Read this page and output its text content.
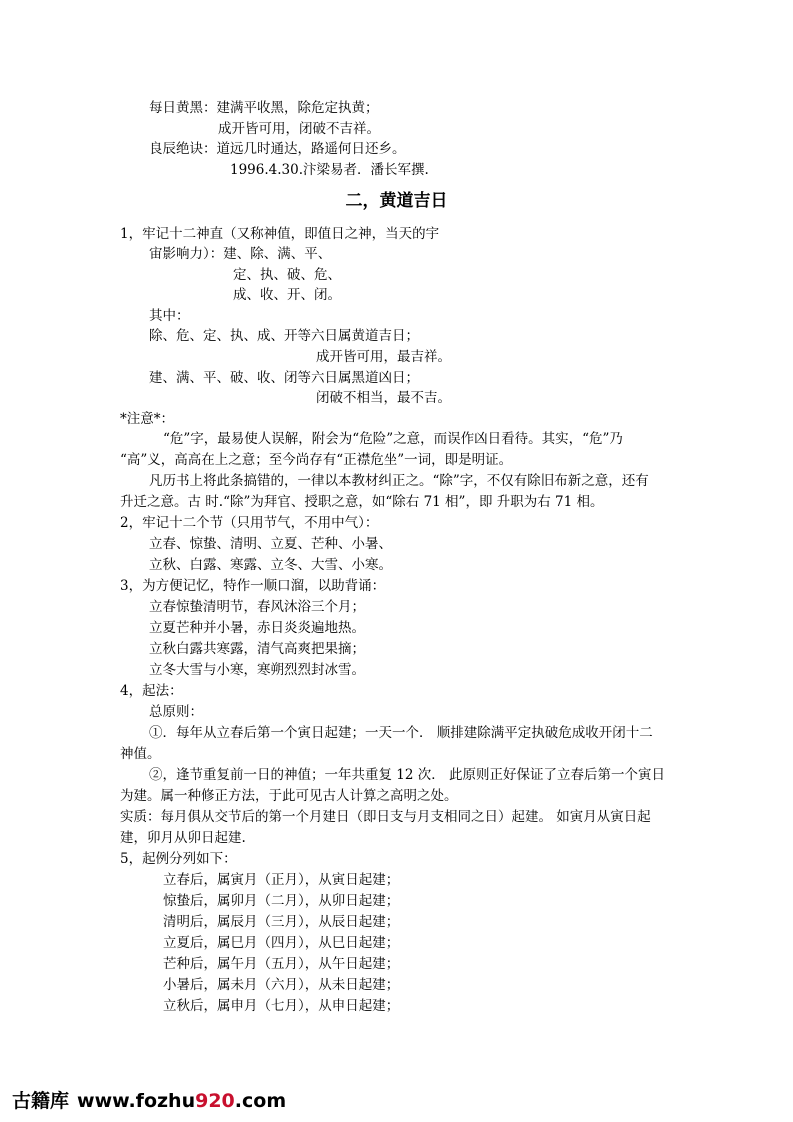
每日黄黑：建满平收黑，除危定执黄；
成开皆可用，闭破不吉祥。
良辰绝诀：道远几时通达，路遥何日还乡。
1996.4.30.汴梁易者．潘长军撰.
二，黄道吉日
1，牢记十二神直（又称神值，即值日之神，当天的宇
宙影响力）：建、除、满、平、
定、执、破、危、
成、收、开、闭。
其中：
除、危、定、执、成、开等六日属黄道吉日；
成开皆可用，最吉祥。
建、满、平、破、收、闭等六日属黑道凶日；
闭破不相当，最不吉。
*注意*：
“危”字，最易使人误解，附会为“危险”之意，而误作凶日看待。其实，“危”乃
“高”义，高高在上之意；至今尚存有“正襟危坐”一词，即是明证。
凡历书上将此条搞错的，一律以本教材纠正之。“除”字，不仅有除旧布新之意，还有
升迁之意。古 时.“除”为拜官、授职之意，如“除右 71 相”，即 升职为右 71 相。
2，牢记十二个节（只用节气，不用中气）：
立春、惊蛰、清明、立夏、芒种、小暑、
立秋、白露、寒露、立冬、大雪、小寒。
3，为方便记忆，特作一顺口溜，以助背诵：
立春惊蛰清明节，春风沐浴三个月；
立夏芒种并小暑，赤日炎炎遍地热。
立秋白露共寒露，清气高爽把果摘；
立冬大雪与小寒，寒朔烈烈封冰雪。
4，起法：
总原则：
①．每年从立春后第一个寅日起建；一天一个． 顺排建除满平定执破危成收开闭十二
神值。
②，逢节重复前一日的神值；一年共重复 12 次． 此原则正好保证了立春后第一个寅日
为建。属一种修正方法，于此可见古人计算之高明之处。
实质：每月俱从交节后的第一个月建日（即日支与月支相同之日）起建。 如寅月从寅日起
建，卯月从卯日起建.
5，起例分列如下：
立春后，属寅月（正月），从寅日起建；
惊蛰后，属卯月（二月），从卯日起建；
清明后，属辰月（三月），从辰日起建；
立夏后，属巳月（四月），从巳日起建；
芒种后，属午月（五月），从午日起建；
小暑后，属未月（六月），从未日起建；
立秋后，属申月（七月），从申日起建；
古籍库 www.fozhu920.com
